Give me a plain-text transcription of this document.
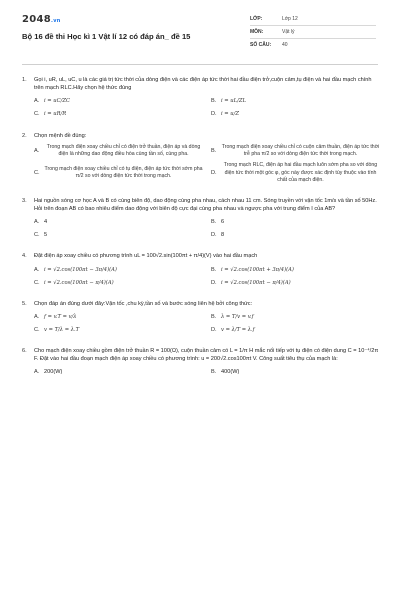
2048.vn
Bộ 16 đề thi Học kì 1 Vật lí 12 có đáp án_ đề 15
LỚP:	Lớp 12
MÔN:	Vật lý
SỐ CÂU:	40
1.	Gọi i, uR, uL, uC, u là các giá trị tức thời của dòng điện và các điện áp tức thời hai đầu điện trở,cuộn cảm,tụ điện và hai đầu mạch chính trên mạch RLC.Hãy chọn hệ thức đúng
A. i = uC/ZC	B. i = uL/ZL
C. i = uR/R	D. i = u/Z
2.	Chọn mệnh đề đúng:
A.
Trong mạch điện xoay chiều chỉ có điện trở thuần, điện áp và dòng điện là những dao động điều hòa cùng tần số, cùng pha.
B.
Trong mạch điện xoay chiều chỉ có cuộn cảm thuần, điện áp tức thời trễ pha π/2 so với dòng điện tức thời trong mạch.
C.
Trong mạch điện xoay chiều chỉ có tụ điện, điện áp tức thời sớm pha π/2 so với dòng điện tức thời trong mạch.
D.
Trong mạch RLC, điện áp hai đầu mạch luôn sớm pha so với dòng điện tức thời một góc φ, góc này được xác định tùy thuộc vào tính chất của mạch điện.
3.	Hai nguồn sóng cơ học A và B có cùng biên độ, dao động cùng pha nhau, cách nhau 11 cm. Sóng truyền với vận tốc 1m/s và tần số 50Hz. Hỏi trên đoạn AB có bao nhiêu điểm dao động với biên độ cực đại cùng pha nhau và ngược pha với trung điểm I của AB?
A. 4	B. 6
C. 5	D. 8
4.	Đặt điện áp xoay chiều có phương trình uL = 100√2.sin(100πt + π/4)(V) vào hai đầu mạch
A. i = √2.cos(100πt − 3π/4)(A)	B. i = √2.cos(100πt + 3π/4)(A)
C. i = √2.cos(100πt − π/4)(A)	D. i = √2.cos(100πt − π/4)(A)
5.	Chọn đáp án đúng dưới đây:Vận tốc ,chu kỳ,tần số và bước sóng liên hệ bởi công thức:
A. f = v.T = v/λ	B. λ = T/v = v.f
C. v = T/λ = λ.T	D. v = λ/T = λ.f
6.	Cho mạch điện xoay chiều gồm điện trở thuần R = 100(Ω), cuộn thuần cảm có L = 1/π H mắc nối tiếp với tụ điện có điện dung C = 10⁻⁴/2π F. Đặt vào hai đầu đoạn mạch điện áp xoay chiều có phương trình: u = 200√2.cos100πt V. Công suất tiêu thụ của mạch là:
A. 200(W)	B. 400(W)
